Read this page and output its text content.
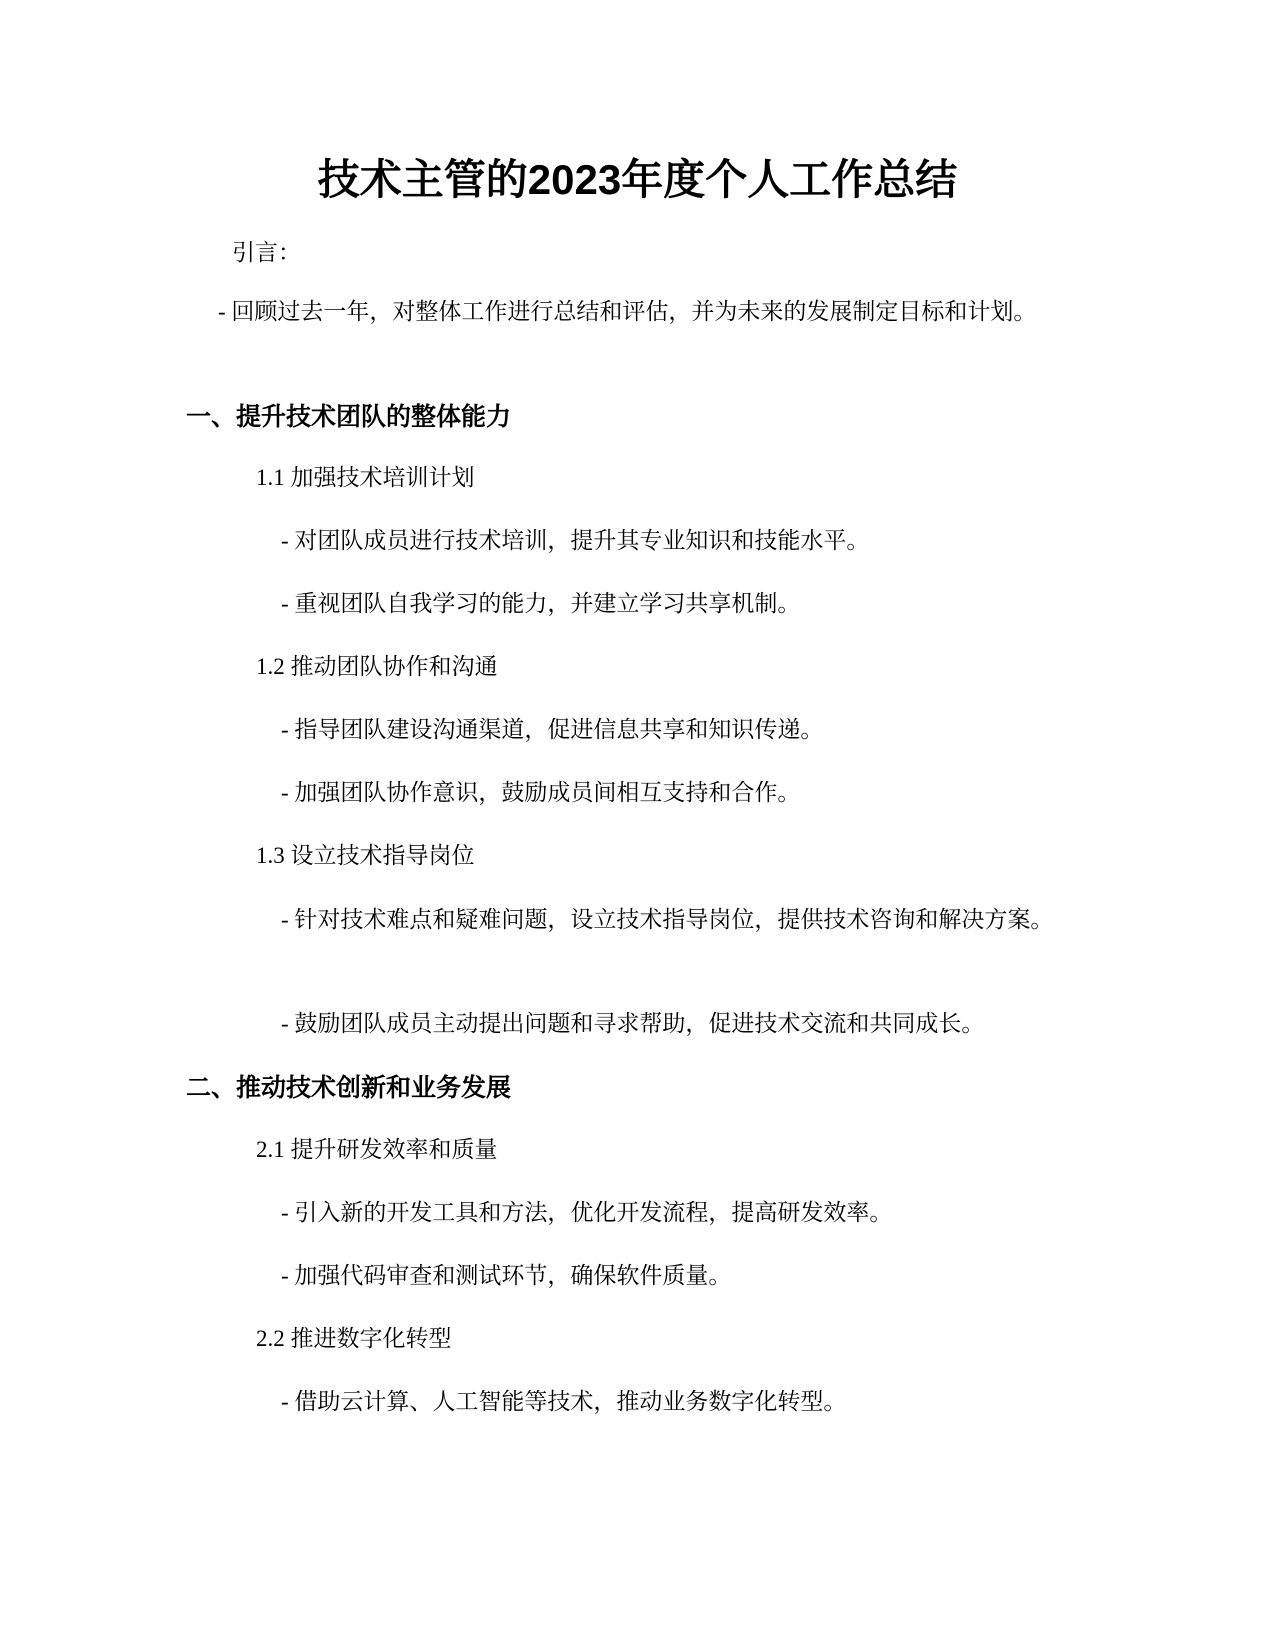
技术主管的2023年度个人工作总结

引言：

- 回顾过去一年，对整体工作进行总结和评估，并为未来的发展制定目标和计划。

一、提升技术团队的整体能力

1.1 加强技术培训计划

- 对团队成员进行技术培训，提升其专业知识和技能水平。

- 重视团队自我学习的能力，并建立学习共享机制。

1.2 推动团队协作和沟通

- 指导团队建设沟通渠道，促进信息共享和知识传递。

- 加强团队协作意识，鼓励成员间相互支持和合作。

1.3 设立技术指导岗位

- 针对技术难点和疑难问题，设立技术指导岗位，提供技术咨询和解决方案。

- 鼓励团队成员主动提出问题和寻求帮助，促进技术交流和共同成长。

二、推动技术创新和业务发展

2.1 提升研发效率和质量

- 引入新的开发工具和方法，优化开发流程，提高研发效率。

- 加强代码审查和测试环节，确保软件质量。

2.2 推进数字化转型

- 借助云计算、人工智能等技术，推动业务数字化转型。
